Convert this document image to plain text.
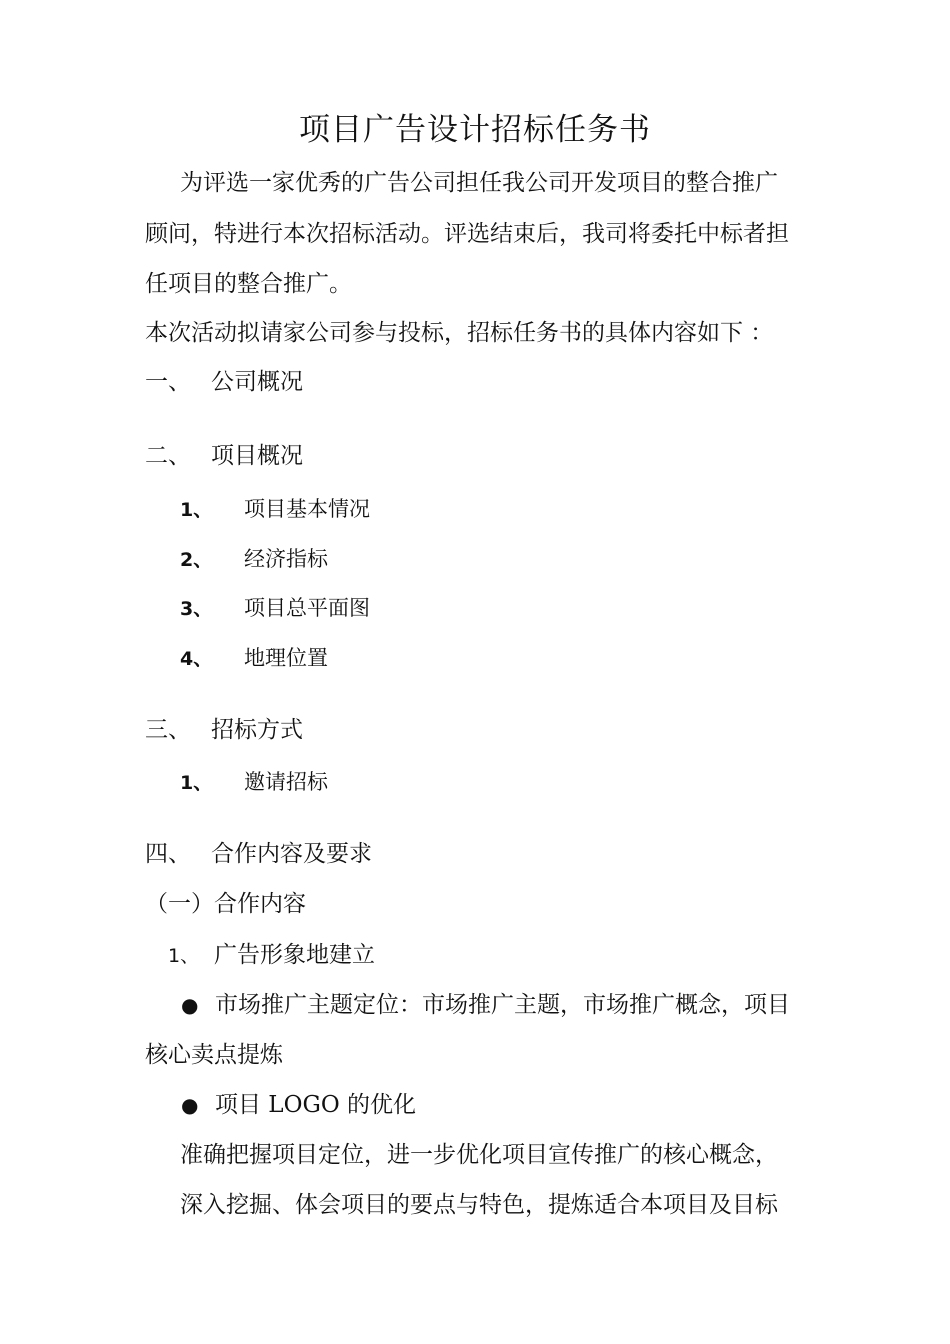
项目广告设计招标任务书
为评选一家优秀的广告公司担任我公司开发项目的整合推广
顾问，特进行本次招标活动。评选结束后，我司将委托中标者担
任项目的整合推广。
本次活动拟请家公司参与投标，招标任务书的具体内容如下 ：
一、 公司概况
二、 项目概况
1、 项目基本情况
2、 经济指标
3、 项目总平面图
4、 地理位置
三、 招标方式
1、 邀请招标
四、 合作内容及要求
（一）合作内容
1、 广告形象地建立
● 市场推广主题定位：市场推广主题，市场推广概念，项目
核心卖点提炼
● 项目 LOGO 的优化
准确把握项目定位，进一步优化项目宣传推广的核心概念，
深入挖掘、体会项目的要点与特色，提炼适合本项目及目标
